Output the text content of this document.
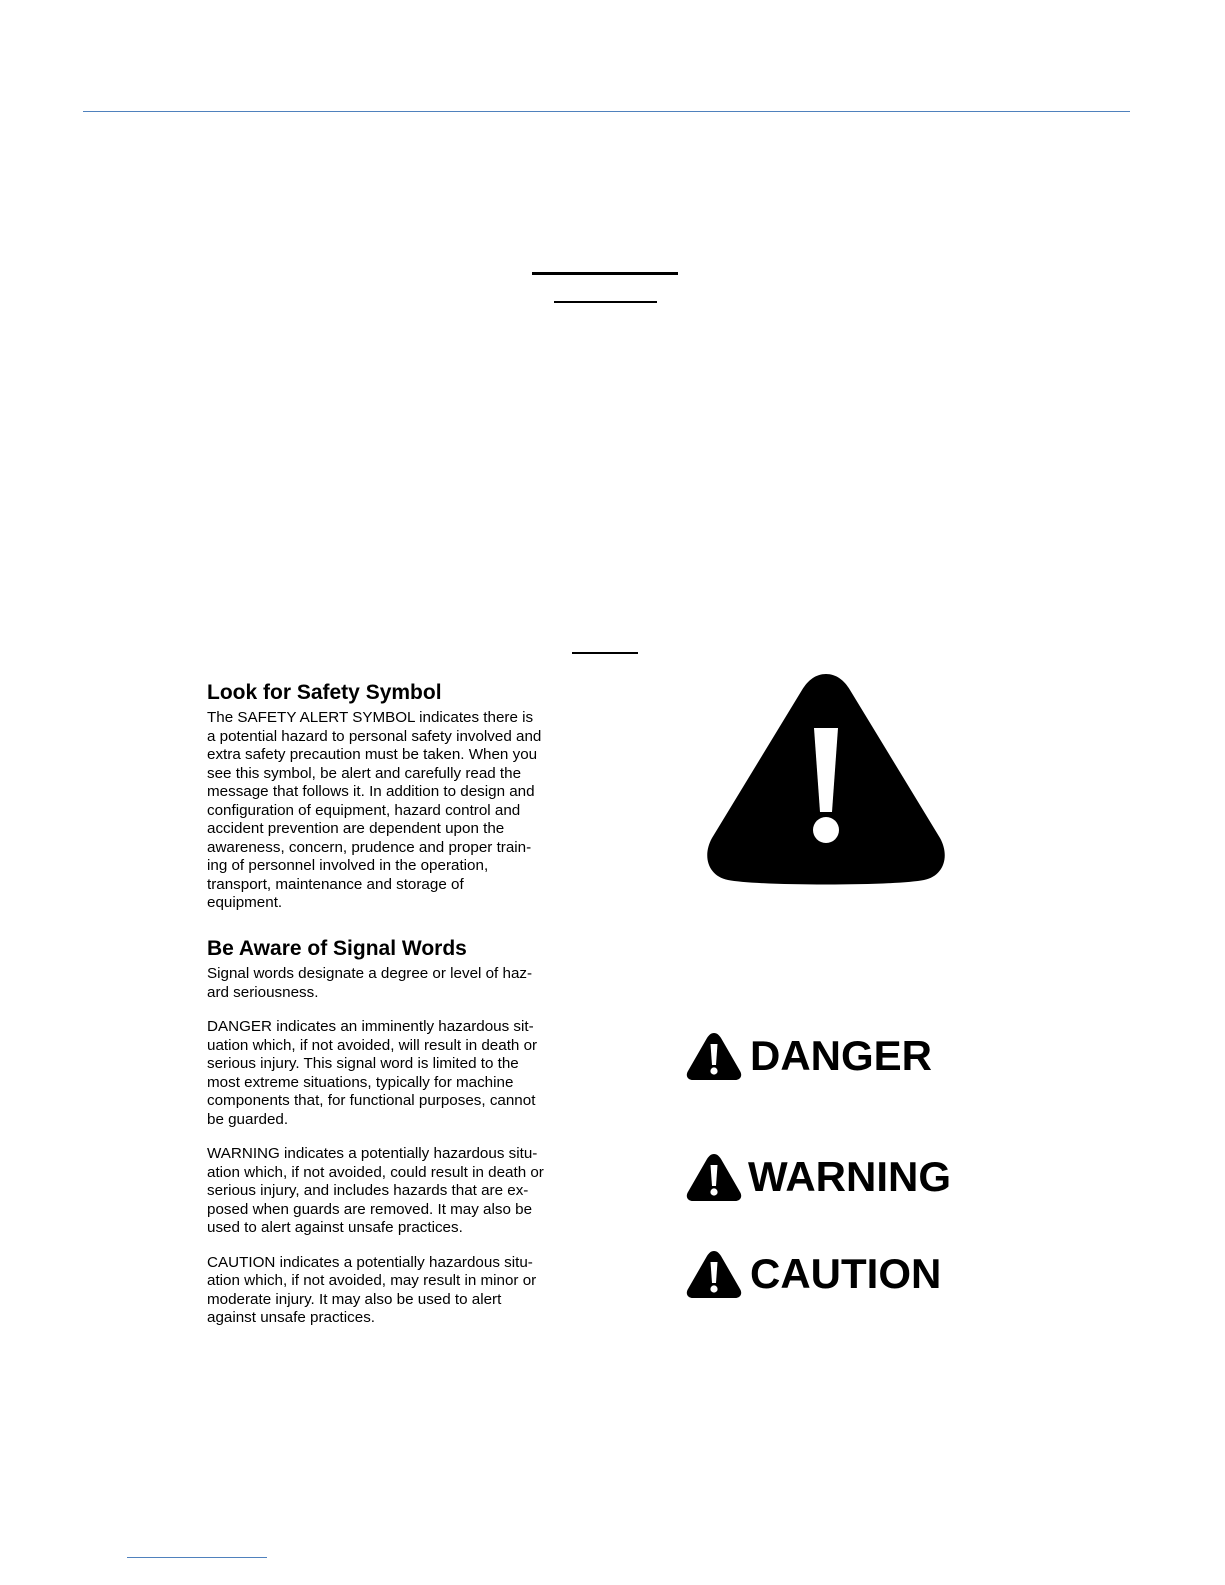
Look for Safety Symbol

The SAFETY ALERT SYMBOL indicates there is
a potential hazard to personal safety involved and
extra safety precaution must be taken. When you
see this symbol, be alert and carefully read the
message that follows it. In addition to design and
configuration of equipment, hazard control and
accident prevention are dependent upon the
awareness, concern, prudence and proper train-
ing of personnel involved in the operation,
transport, maintenance and storage of
equipment.

Be Aware of Signal Words

Signal words designate a degree or level of haz-
ard seriousness.

DANGER indicates an imminently hazardous sit-
uation which, if not avoided, will result in death or
serious injury. This signal word is limited to the
most extreme situations, typically for machine
components that, for functional purposes, cannot
be guarded.

WARNING indicates a potentially hazardous situ-
ation which, if not avoided, could result in death or
serious injury, and includes hazards that are ex-
posed when guards are removed. It may also be
used to alert against unsafe practices.

CAUTION indicates a potentially hazardous situ-
ation which, if not avoided, may result in minor or
moderate injury. It may also be used to alert
against unsafe practices.

DANGER
WARNING
CAUTION
